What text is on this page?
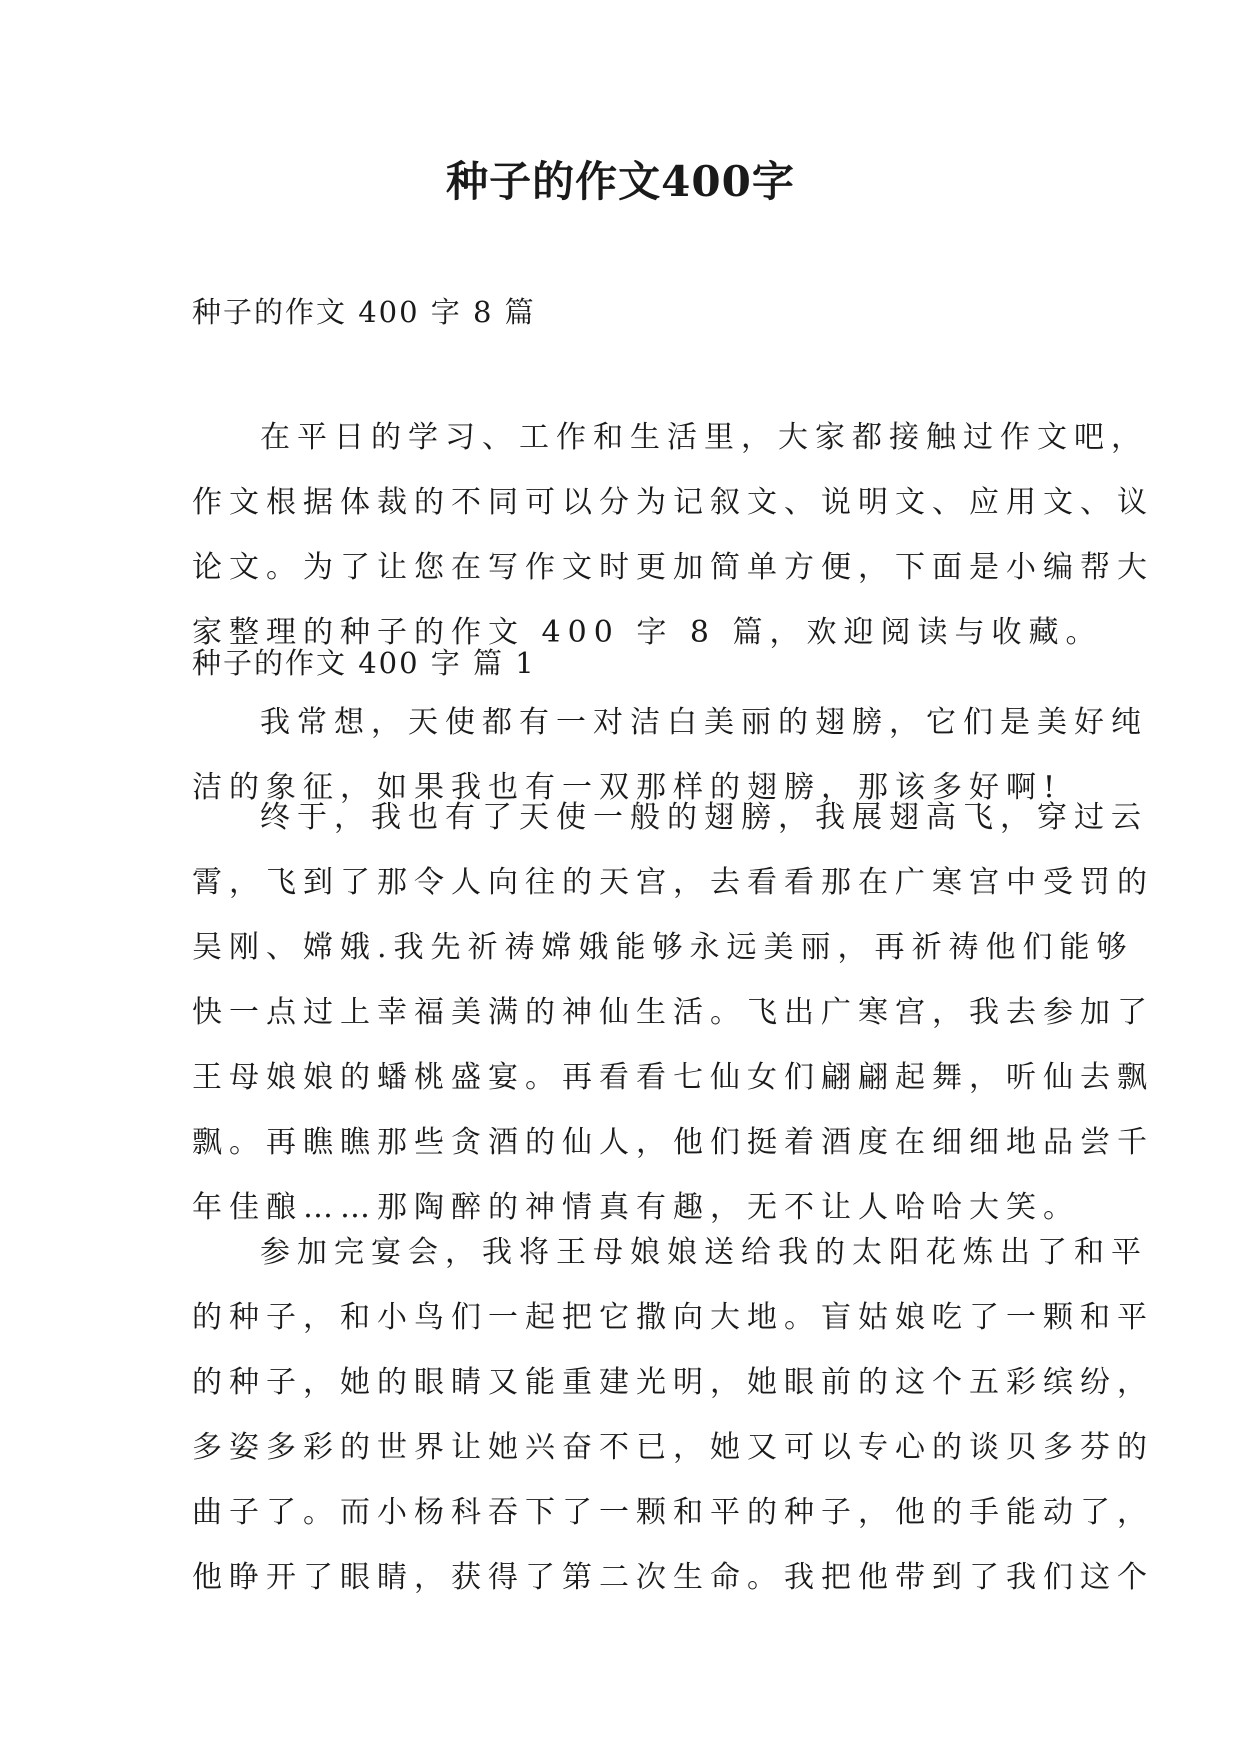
种子的作文400字

种子的作文 400 字 8 篇

在平日的学习、工作和生活里，大家都接触过作文吧，
作文根据体裁的不同可以分为记叙文、说明文、应用文、议
论文。为了让您在写作文时更加简单方便，下面是小编帮大
家整理的种子的作文 400 字 8 篇，欢迎阅读与收藏。

种子的作文 400 字 篇 1

我常想，天使都有一对洁白美丽的翅膀，它们是美好纯
洁的象征，如果我也有一双那样的翅膀，那该多好啊!
终于，我也有了天使一般的翅膀，我展翅高飞，穿过云
霄，飞到了那令人向往的天宫，去看看那在广寒宫中受罚的
吴刚、嫦娥.我先祈祷嫦娥能够永远美丽，再祈祷他们能够
快一点过上幸福美满的神仙生活。飞出广寒宫，我去参加了
王母娘娘的蟠桃盛宴。再看看七仙女们翩翩起舞，听仙去飘
飘。再瞧瞧那些贪酒的仙人，他们挺着酒度在细细地品尝千
年佳酿……那陶醉的神情真有趣，无不让人哈哈大笑。
参加完宴会，我将王母娘娘送给我的太阳花炼出了和平
的种子，和小鸟们一起把它撒向大地。盲姑娘吃了一颗和平
的种子，她的眼睛又能重建光明，她眼前的这个五彩缤纷，
多姿多彩的世界让她兴奋不已，她又可以专心的谈贝多芬的
曲子了。而小杨科吞下了一颗和平的种子，他的手能动了，
他睁开了眼睛，获得了第二次生命。我把他带到了我们这个
